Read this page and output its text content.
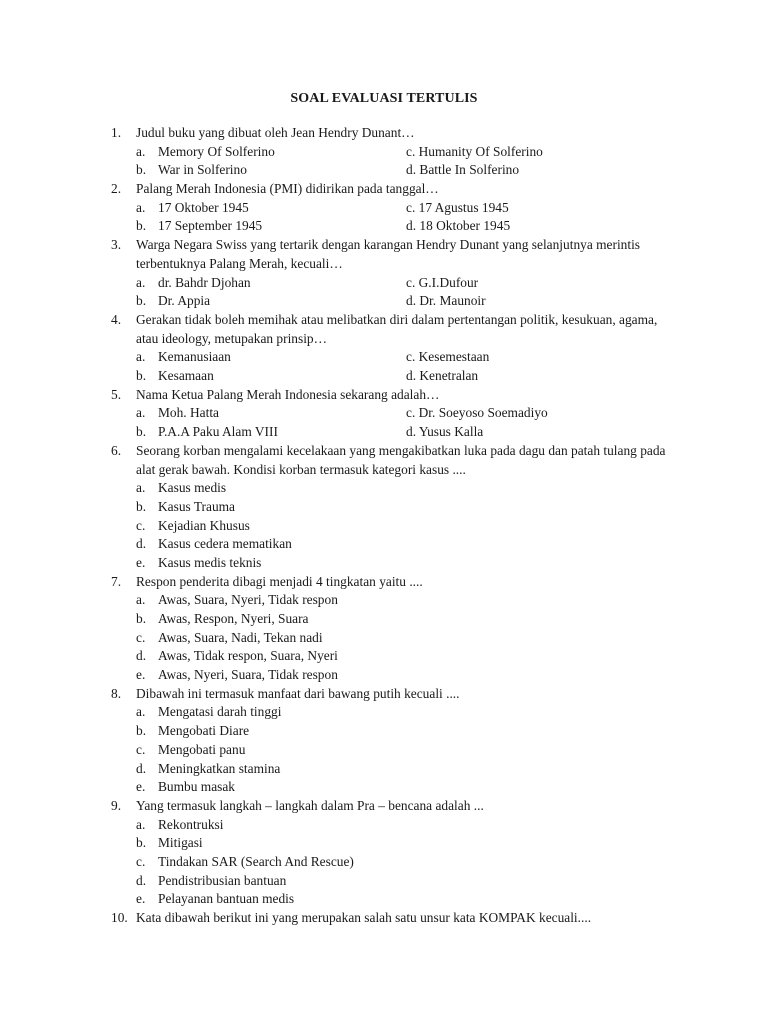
SOAL EVALUASI TERTULIS
1.	Judul buku yang dibuat oleh Jean Hendry Dunant…
a. Memory Of Solferino	c. Humanity Of Solferino
b. War in Solferino	d. Battle In Solferino
2.	Palang Merah Indonesia (PMI) didirikan pada tanggal…
a. 17 Oktober 1945	c. 17 Agustus 1945
b. 17 September 1945	d. 18 Oktober 1945
3.	Warga Negara Swiss yang tertarik dengan karangan Hendry Dunant yang selanjutnya merintis terbentuknya Palang Merah, kecuali…
a. dr. Bahdr Djohan	c. G.I.Dufour
b. Dr. Appia	d. Dr. Maunoir
4.	Gerakan tidak boleh memihak atau melibatkan diri dalam pertentangan politik, kesukuan, agama, atau ideology, metupakan prinsip…
a. Kemanusiaan	c. Kesemestaan
b. Kesamaan	d. Kenetralan
5.	Nama Ketua Palang Merah Indonesia sekarang adalah…
a. Moh. Hatta	c. Dr. Soeyoso Soemadiyo
b. P.A.A Paku Alam VIII	d. Yusus Kalla
6.	Seorang korban mengalami kecelakaan yang mengakibatkan luka pada dagu dan patah tulang pada alat gerak bawah. Kondisi korban termasuk kategori kasus ....
a. Kasus medis
b. Kasus Trauma
c. Kejadian Khusus
d. Kasus cedera mematikan
e. Kasus medis teknis
7.	Respon penderita dibagi menjadi 4 tingkatan yaitu ....
a. Awas, Suara, Nyeri, Tidak respon
b. Awas, Respon, Nyeri, Suara
c. Awas, Suara, Nadi, Tekan nadi
d. Awas, Tidak respon, Suara, Nyeri
e. Awas, Nyeri, Suara, Tidak respon
8.	Dibawah ini termasuk manfaat dari bawang putih kecuali ....
a. Mengatasi darah tinggi
b. Mengobati Diare
c. Mengobati panu
d. Meningkatkan stamina
e. Bumbu masak
9.	Yang termasuk langkah – langkah dalam Pra – bencana adalah ...
a. Rekontruksi
b. Mitigasi
c. Tindakan SAR (Search And Rescue)
d. Pendistribusian bantuan
e. Pelayanan bantuan medis
10. Kata dibawah berikut ini yang merupakan salah satu unsur kata KOMPAK kecuali....
